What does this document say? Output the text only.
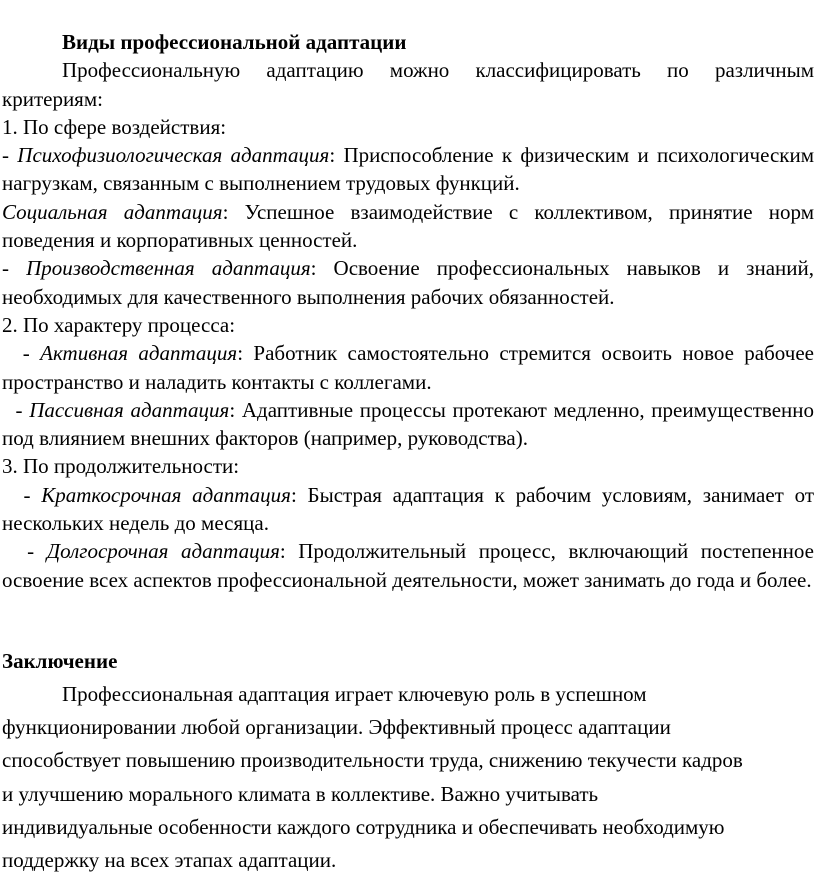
Виды профессиональной адаптации

Профессиональную адаптацию можно классифицировать по различным критериям:

1. По сфере воздействия:

- Психофизиологическая адаптация: Приспособление к физическим и психологическим нагрузкам, связанным с выполнением трудовых функций.

Социальная адаптация: Успешное взаимодействие с коллективом, принятие норм поведения и корпоративных ценностей.

- Производственная адаптация: Освоение профессиональных навыков и знаний, необходимых для качественного выполнения рабочих обязанностей.

2. По характеру процесса:

- Активная адаптация: Работник самостоятельно стремится освоить новое рабочее пространство и наладить контакты с коллегами.

- Пассивная адаптация: Адаптивные процессы протекают медленно, преимущественно под влиянием внешних факторов (например, руководства).

3. По продолжительности:

- Краткосрочная адаптация: Быстрая адаптация к рабочим условиям, занимает от нескольких недель до месяца.

- Долгосрочная адаптация: Продолжительный процесс, включающий постепенное освоение всех аспектов профессиональной деятельности, может занимать до года и более.

Заключение

Профессиональная адаптация играет ключевую роль в успешном функционировании любой организации. Эффективный процесс адаптации способствует повышению производительности труда, снижению текучести кадров и улучшению морального климата в коллективе. Важно учитывать индивидуальные особенности каждого сотрудника и обеспечивать необходимую поддержку на всех этапах адаптации.
